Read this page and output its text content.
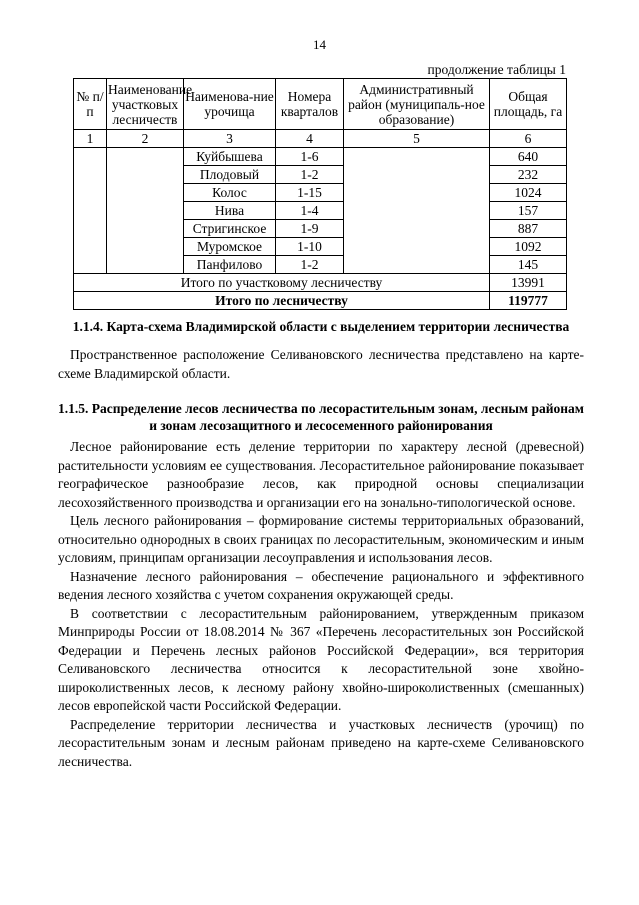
14
продолжение таблицы 1
№ п/п	Наименование участковых лесничеств	Наименова-ние урочища	Номера кварталов	Административный район (муниципаль-ное образование)	Общая площадь, га
1	2	3	4	5	6
		Куйбышева	1-6		640
		Плодовый	1-2		232
		Колос	1-15		1024
		Нива	1-4		157
		Стригинское	1-9		887
		Муромское	1-10		1092
		Панфилово	1-2		145
Итого по участковому лесничеству					13991
Итого по лесничеству					119777
1.1.4. Карта-схема Владимирской области с выделением территории лесничества
Пространственное расположение Селивановского лесничества представлено на карте-схеме Владимирской области.
1.1.5. Распределение лесов лесничества по лесорастительным зонам, лесным районам и зонам лесозащитного и лесосеменного районирования
Лесное районирование есть деление территории по характеру лесной (древесной) растительности условиям ее существования. Лесорастительное районирование показывает географическое разнообразие лесов, как природной основы специализации лесохозяйственного производства и организации его на зонально-типологической основе.
Цель лесного районирования – формирование системы территориальных образований, относительно однородных в своих границах по лесорастительным, экономическим и иным условиям, принципам организации лесоуправления и использования лесов.
Назначение лесного районирования – обеспечение рационального и эффективного ведения лесного хозяйства с учетом сохранения окружающей среды.
В соответствии с лесорастительным районированием, утвержденным приказом Минприроды России от 18.08.2014 № 367 «Перечень лесорастительных зон Российской Федерации и Перечень лесных районов Российской Федерации», вся территория Селивановского лесничества относится к лесорастительной зоне хвойно-широколиственных лесов, к лесному району хвойно-широколиственных (смешанных) лесов европейской части Российской Федерации.
Распределение территории лесничества и участковых лесничеств (урочищ) по лесорастительным зонам и лесным районам приведено на карте-схеме Селивановского лесничества.
